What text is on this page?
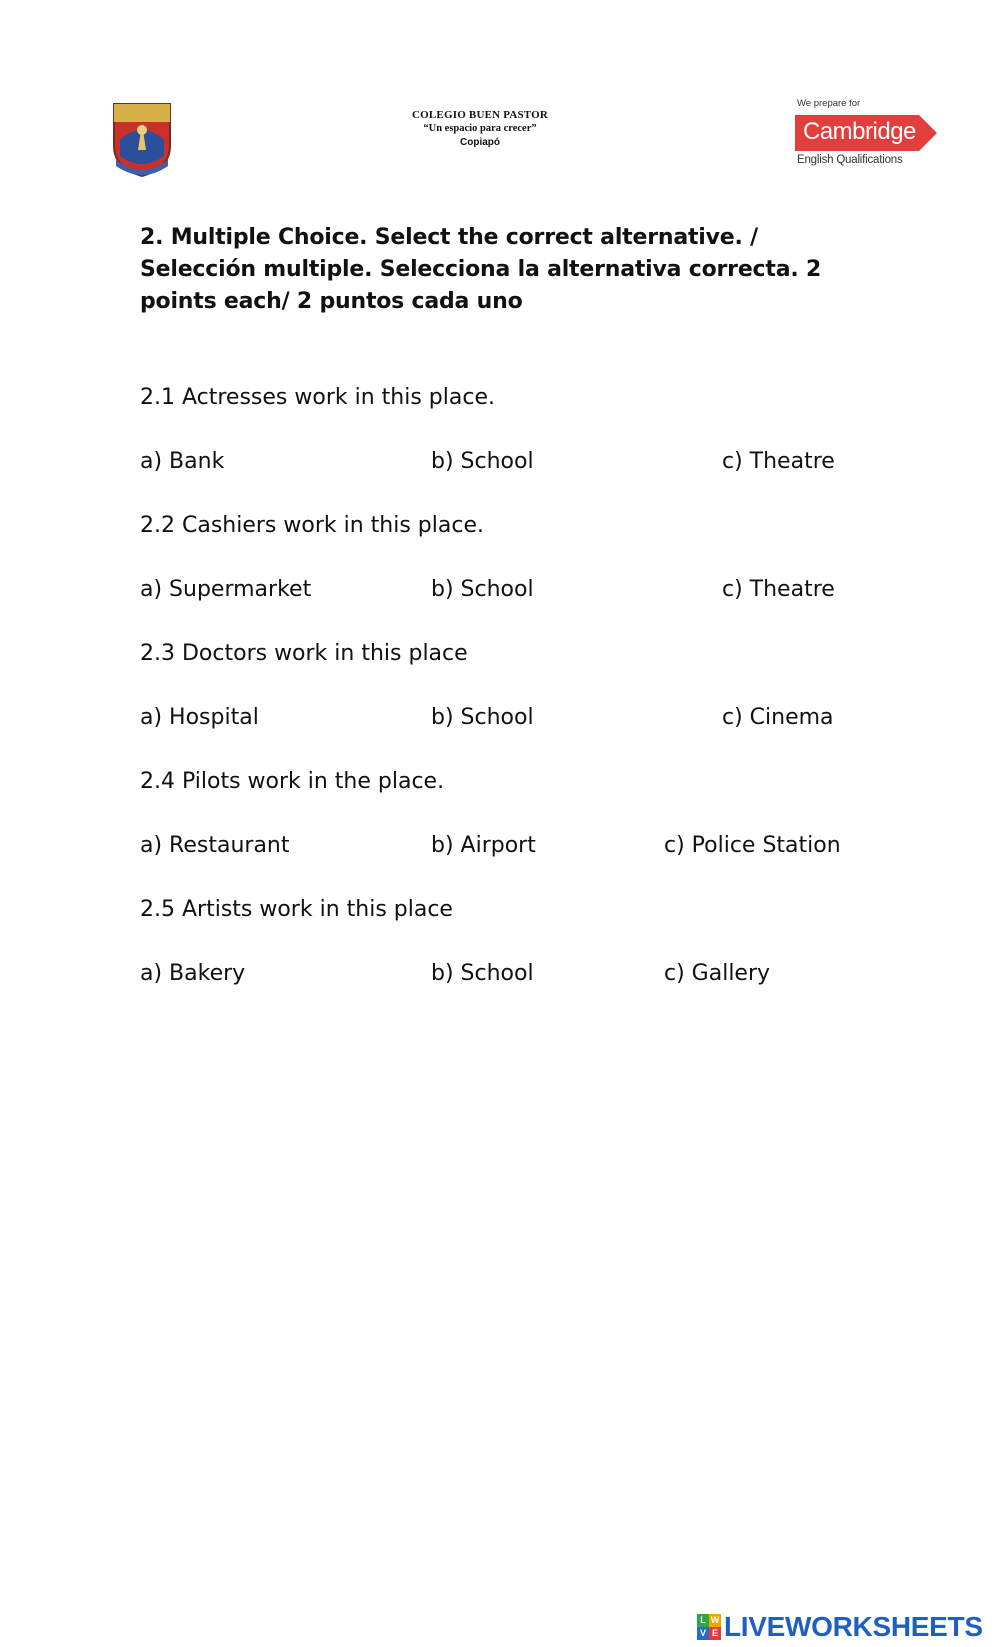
COLEGIO BUEN PASTOR
“Un espacio para crecer”
Copiapó
We prepare for
Cambridge
English Qualifications
2. Multiple Choice. Select the correct alternative. / Selección multiple. Selecciona la alternativa correcta. 2 points each/ 2 puntos cada uno
2.1 Actresses work in this place.
a) Bank	b) School	c) Theatre
2.2 Cashiers work in this place.
a) Supermarket	b) School	c) Theatre
2.3 Doctors work in this place
a) Hospital	b) School	c) Cinema
2.4 Pilots work in the place.
a) Restaurant	b) Airport	c) Police Station
2.5 Artists work in this place
a) Bakery	b) School	c) Gallery
L W
V E LIVEWORKSHEETS
